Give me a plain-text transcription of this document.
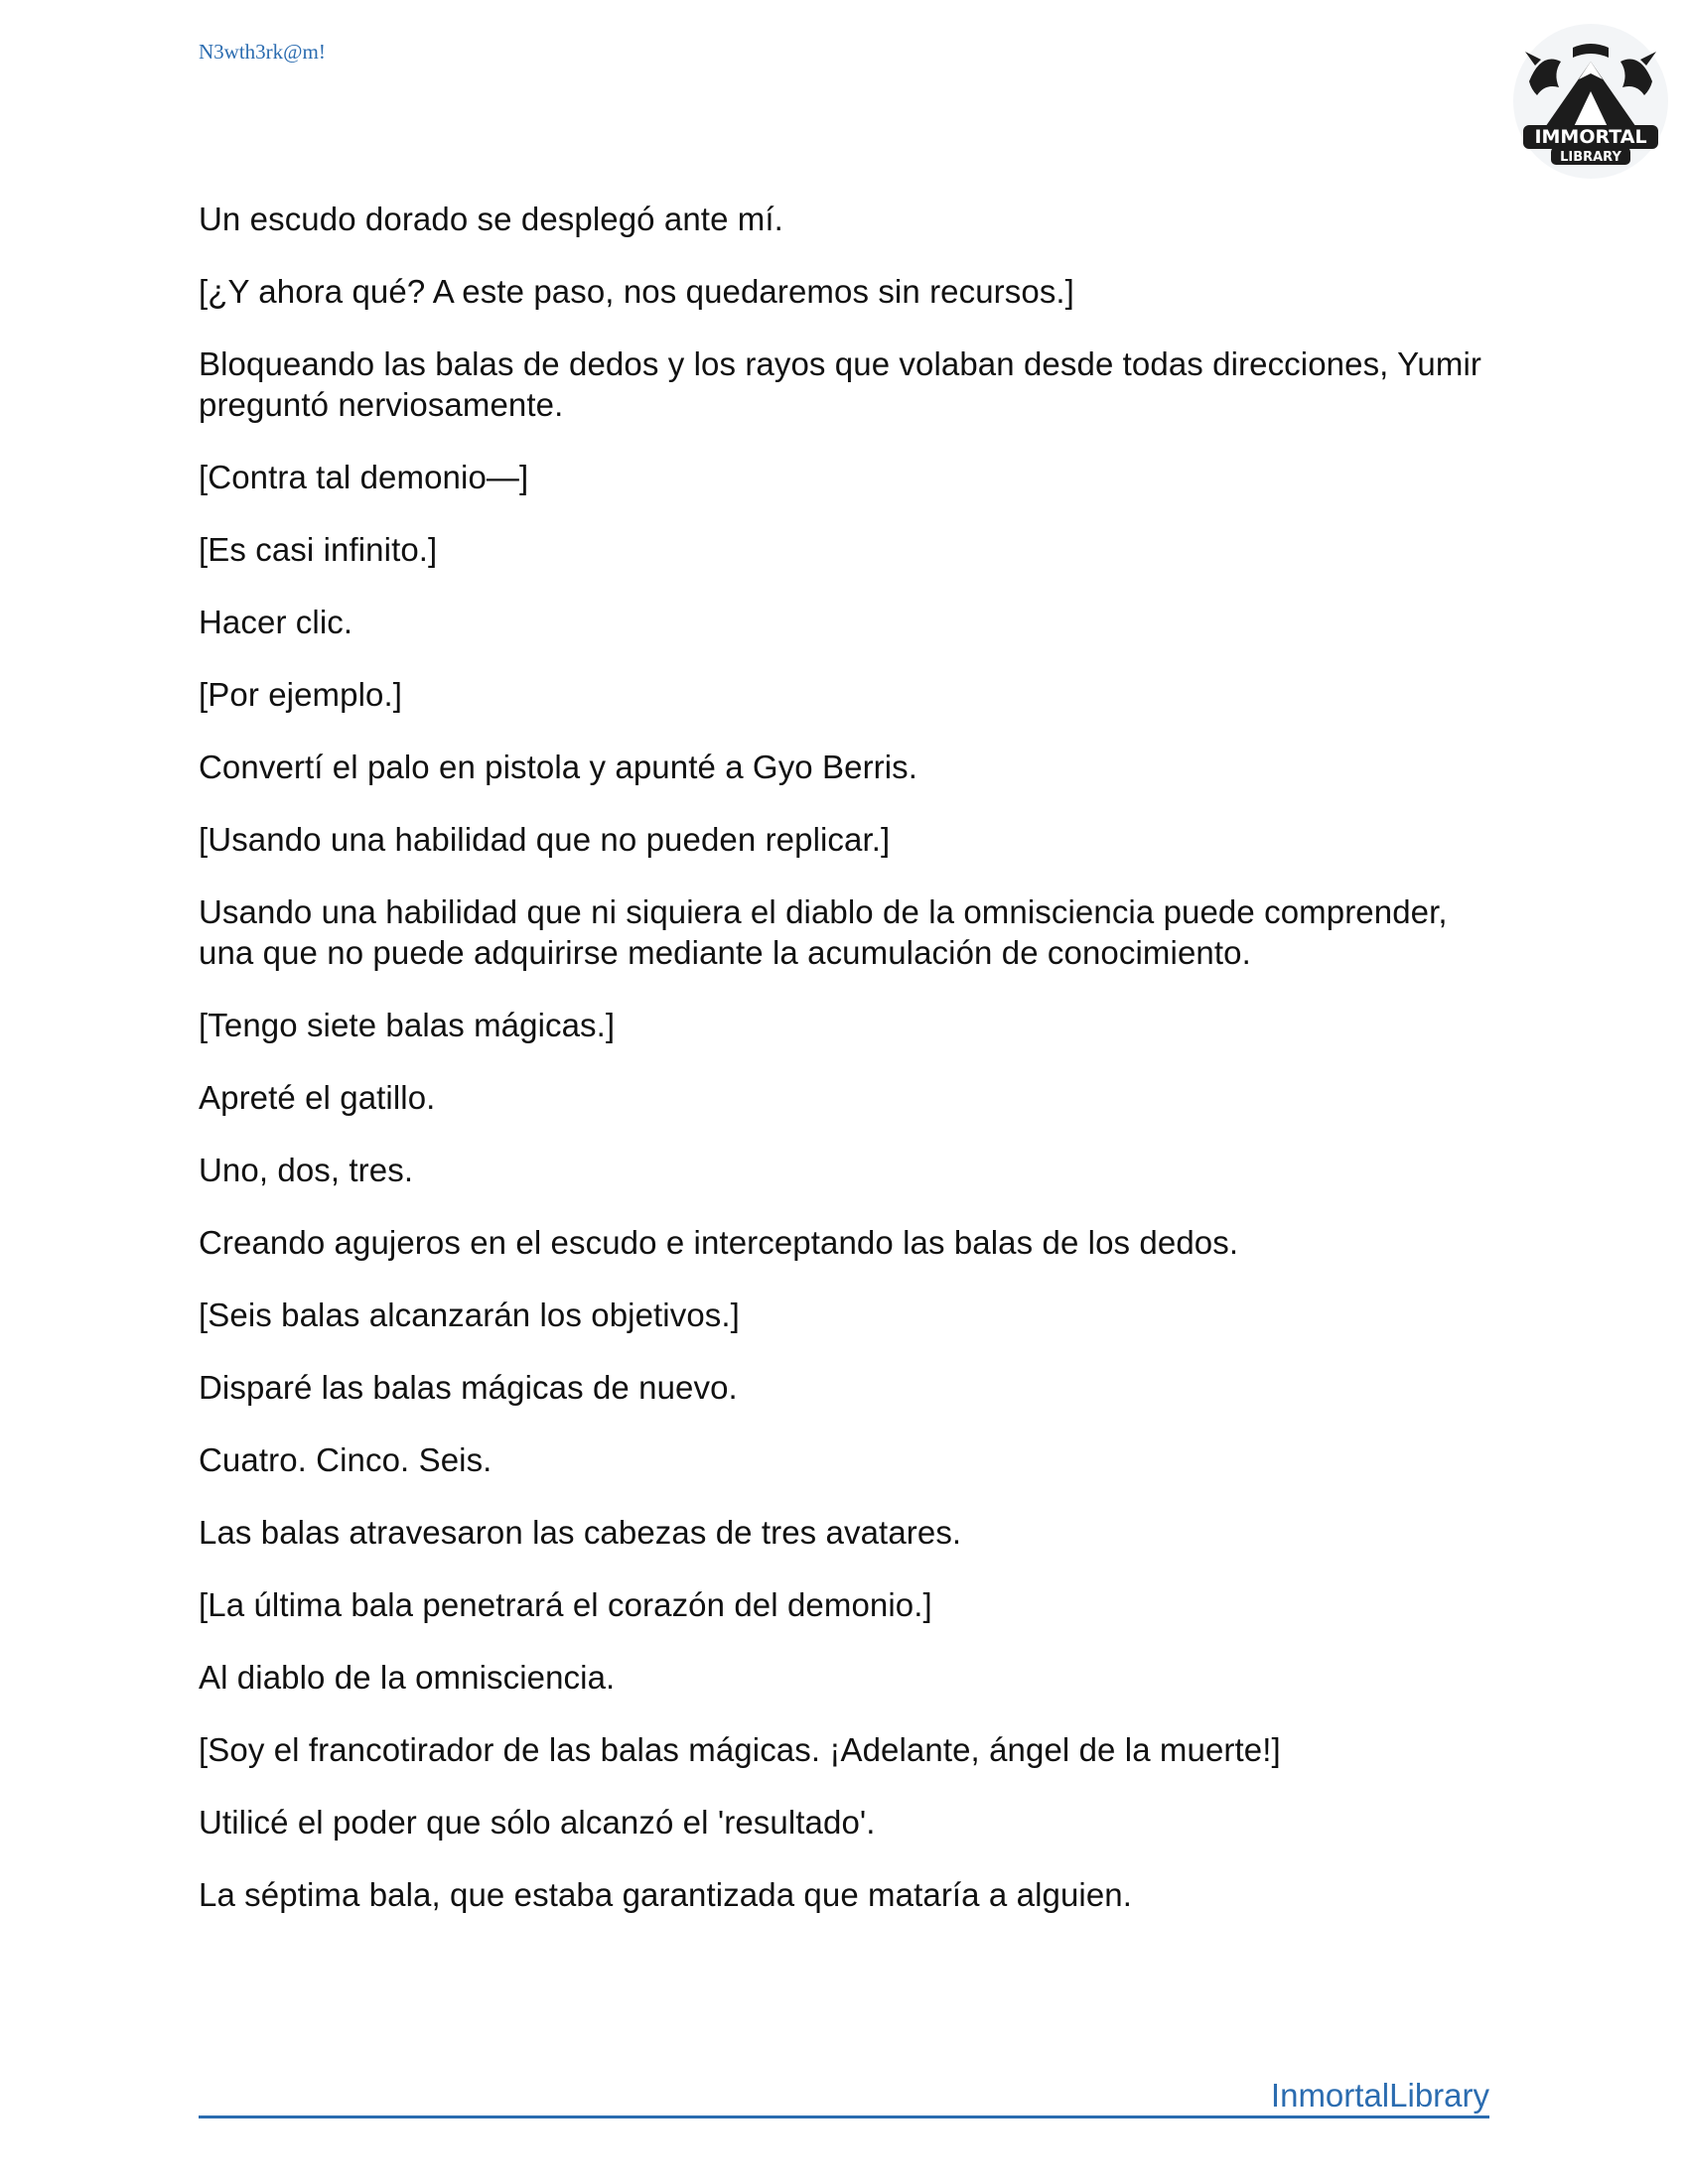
N3wth3rk@m!
IMMORTAL
LIBRARY

Un escudo dorado se desplegó ante mí.

[¿Y ahora qué? A este paso, nos quedaremos sin recursos.]

Bloqueando las balas de dedos y los rayos que volaban desde todas direcciones, Yumir preguntó nerviosamente.

[Contra tal demonio—]

[Es casi infinito.]

Hacer clic.

[Por ejemplo.]

Convertí el palo en pistola y apunté a Gyo Berris.

[Usando una habilidad que no pueden replicar.]

Usando una habilidad que ni siquiera el diablo de la omnisciencia puede comprender, una que no puede adquirirse mediante la acumulación de conocimiento.

[Tengo siete balas mágicas.]

Apreté el gatillo.

Uno, dos, tres.

Creando agujeros en el escudo e interceptando las balas de los dedos.

[Seis balas alcanzarán los objetivos.]

Disparé las balas mágicas de nuevo.

Cuatro. Cinco. Seis.

Las balas atravesaron las cabezas de tres avatares.

[La última bala penetrará el corazón del demonio.]

Al diablo de la omnisciencia.

[Soy el francotirador de las balas mágicas. ¡Adelante, ángel de la muerte!]

Utilicé el poder que sólo alcanzó el 'resultado'.

La séptima bala, que estaba garantizada que mataría a alguien.

InmortalLibrary
